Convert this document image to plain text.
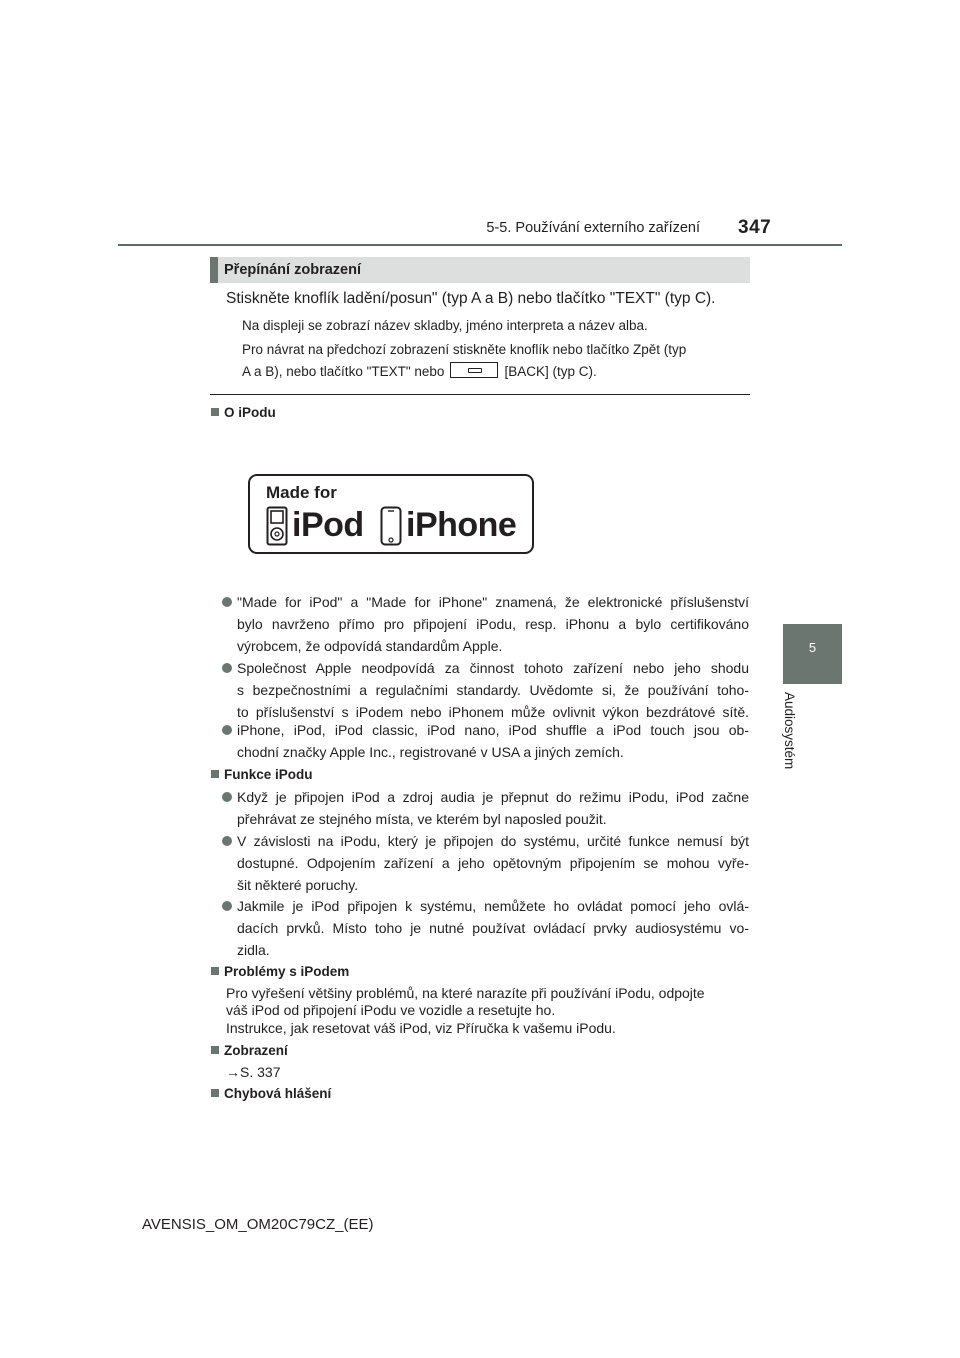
5-5. Používání externího zařízení 347
5
Audiosystém
Přepínání zobrazení
Stiskněte knoflík ladění/posun" (typ A a B) nebo tlačítko "TEXT" (typ C).
Na displeji se zobrazí název skladby, jméno interpreta a název alba.
Pro návrat na předchozí zobrazení stiskněte knoflík nebo tlačítko Zpět (typ
A a B), nebo tlačítko "TEXT" nebo	[BACK] (typ C).
O iPodu
Made for
iPod iPhone
"Made for iPod" a "Made for iPhone" znamená, že elektronické příslušenství
bylo navrženo přímo pro připojení iPodu, resp. iPhonu a bylo certifikováno
výrobcem, že odpovídá standardům Apple.
Společnost Apple neodpovídá za činnost tohoto zařízení nebo jeho shodu
s bezpečnostními a regulačními standardy. Uvědomte si, že používání toho-
to příslušenství s iPodem nebo iPhonem může ovlivnit výkon bezdrátové sítě.
iPhone, iPod, iPod classic, iPod nano, iPod shuffle a iPod touch jsou ob-
chodní značky Apple Inc., registrované v USA a jiných zemích.
Funkce iPodu
Když je připojen iPod a zdroj audia je přepnut do režimu iPodu, iPod začne
přehrávat ze stejného místa, ve kterém byl naposled použit.
V závislosti na iPodu, který je připojen do systému, určité funkce nemusí být
dostupné. Odpojením zařízení a jeho opětovným připojením se mohou vyře-
šit některé poruchy.
Jakmile je iPod připojen k systému, nemůžete ho ovládat pomocí jeho ovlá-
dacích prvků. Místo toho je nutné používat ovládací prvky audiosystému vo-
zidla.
Problémy s iPodem
Pro vyřešení většiny problémů, na které narazíte při používání iPodu, odpojte
váš iPod od připojení iPodu ve vozidle a resetujte ho.
Instrukce, jak resetovat váš iPod, viz Příručka k vašemu iPodu.
Zobrazení
→S. 337
Chybová hlášení
AVENSIS_OM_OM20C79CZ_(EE)
